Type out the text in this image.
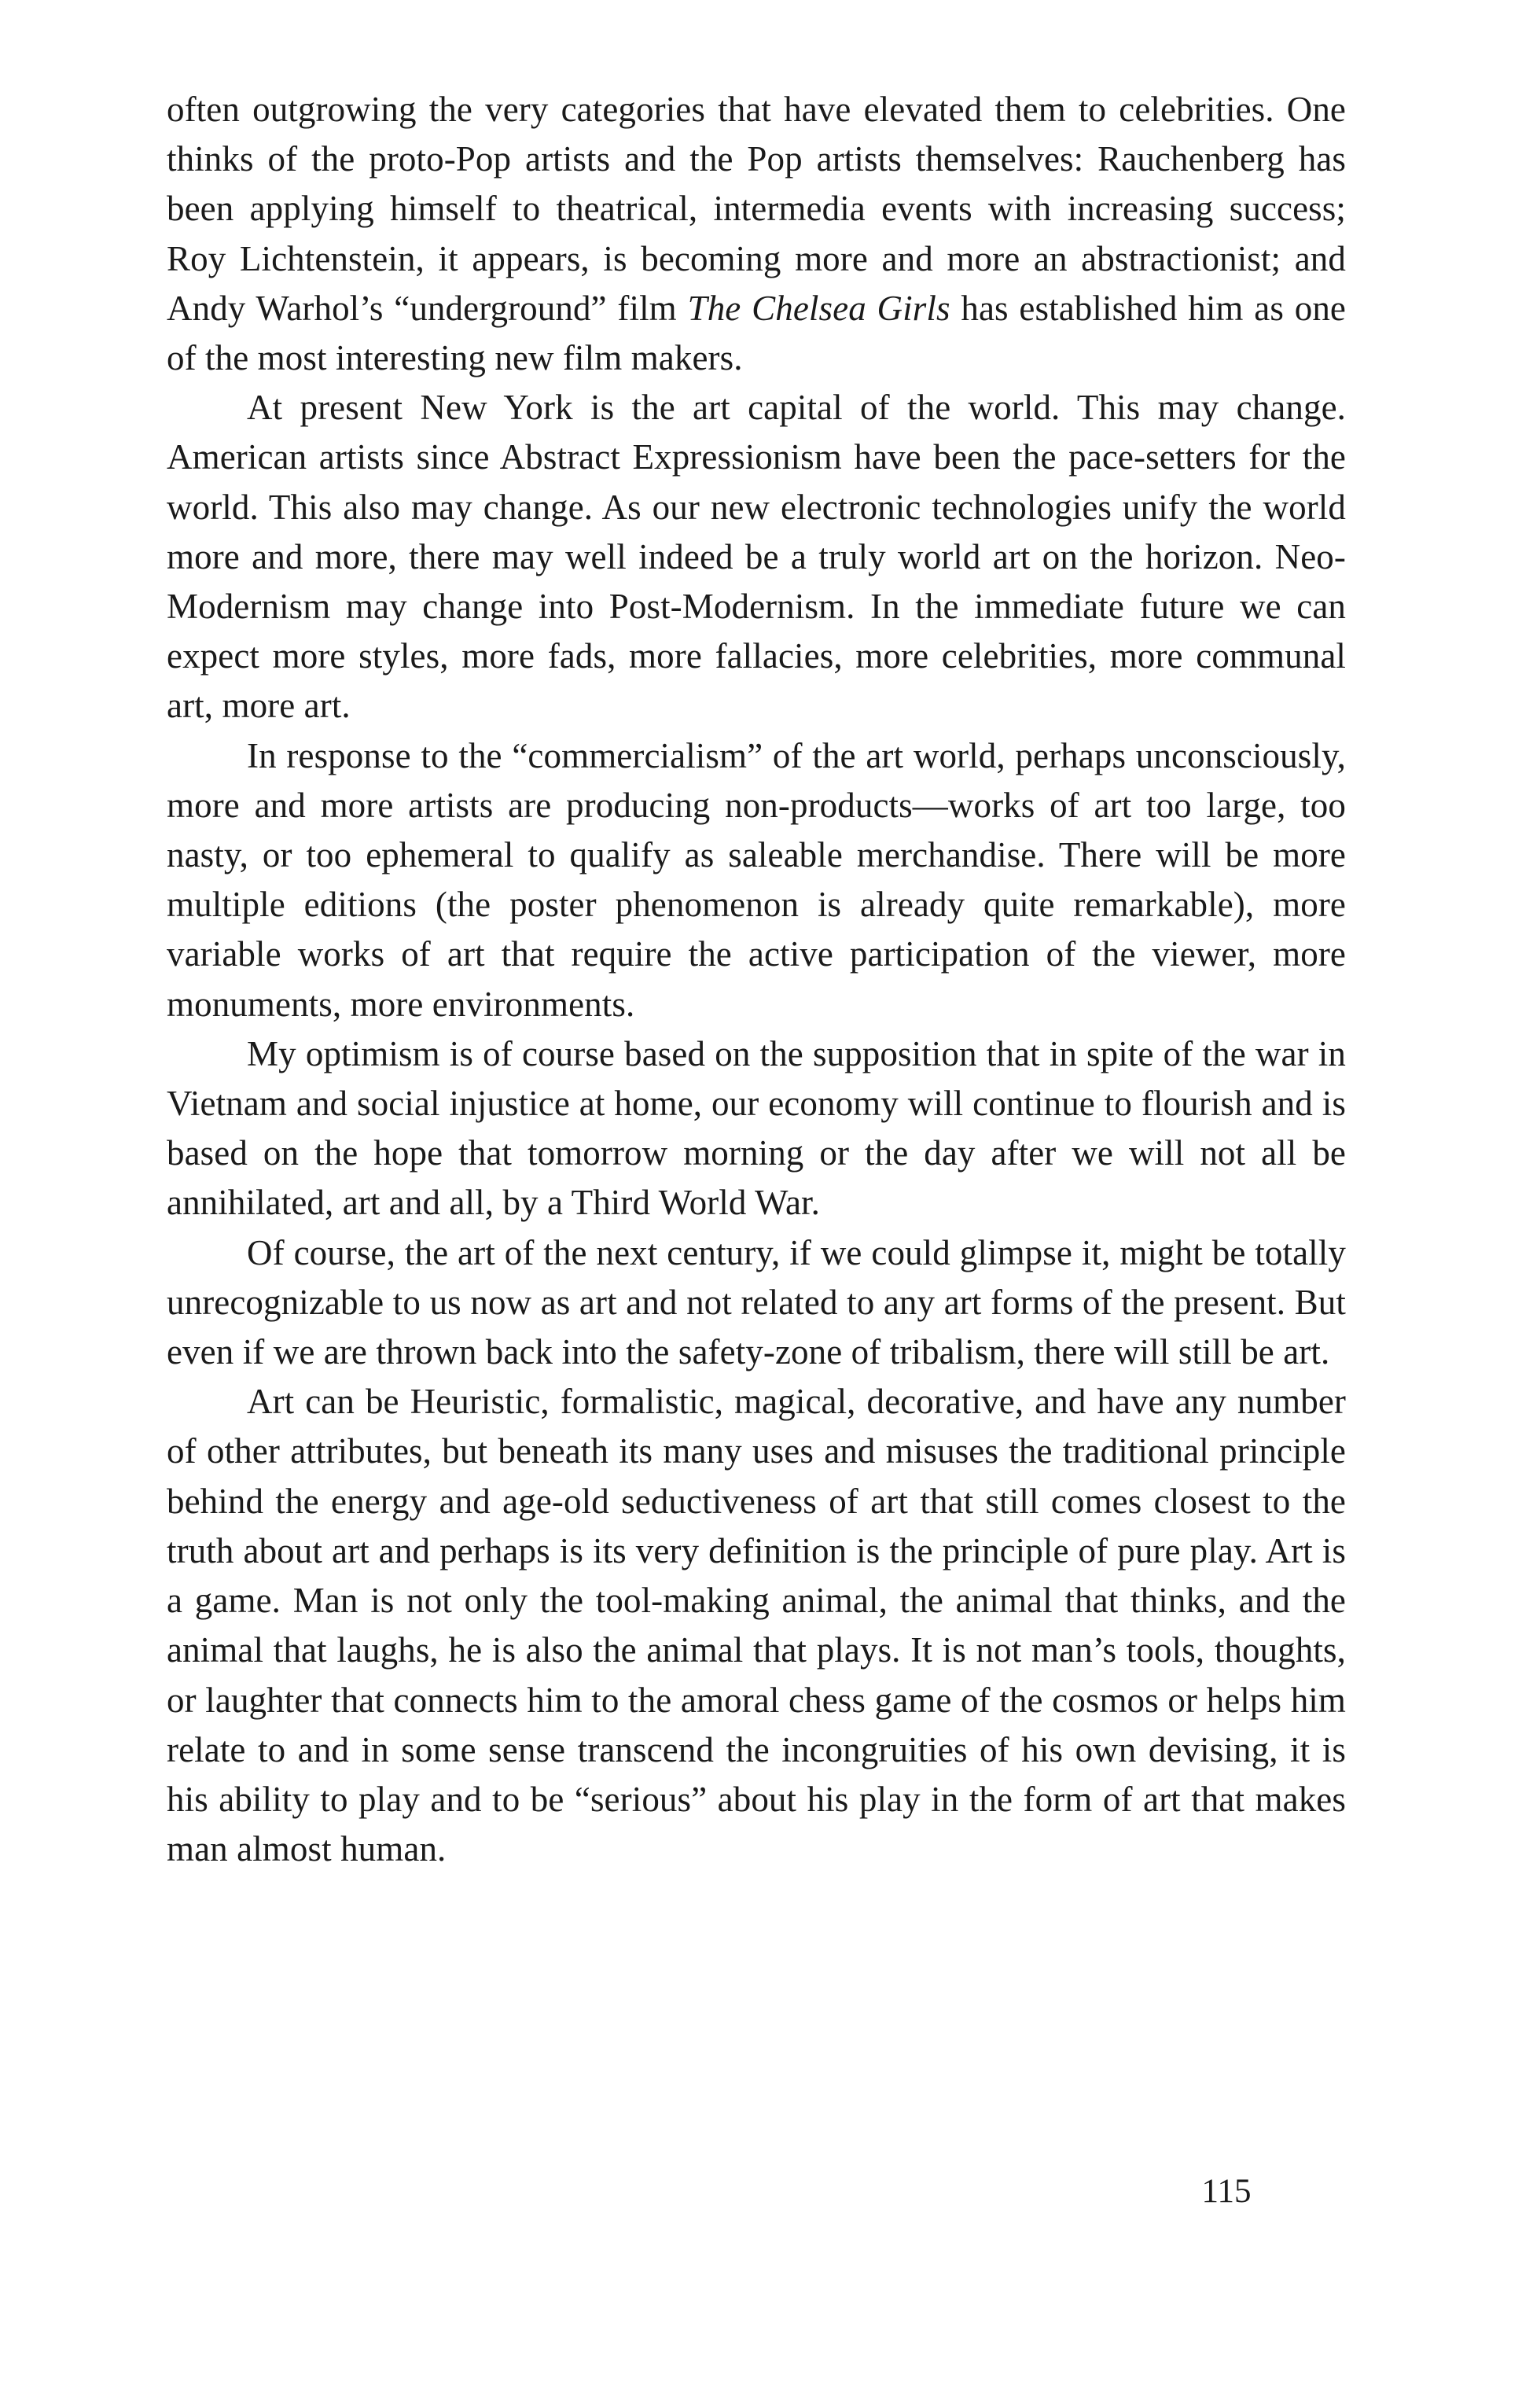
often outgrowing the very categories that have elevated them to celebrities. One thinks of the proto-Pop artists and the Pop artists themselves: Rauchenberg has been applying himself to theatrical, intermedia events with increasing success; Roy Lichtenstein, it appears, is becoming more and more an abstractionist; and Andy Warhol’s “underground” film The Chelsea Girls has established him as one of the most interesting new film makers.

At present New York is the art capital of the world. This may change. American artists since Abstract Expressionism have been the pace-setters for the world. This also may change. As our new electronic technologies unify the world more and more, there may well indeed be a truly world art on the horizon. Neo-Modernism may change into Post-Modernism. In the immediate future we can expect more styles, more fads, more fallacies, more celebrities, more communal art, more art.

In response to the “commercialism” of the art world, perhaps unconsciously, more and more artists are producing non-products—works of art too large, too nasty, or too ephemeral to qualify as saleable merchandise. There will be more multiple editions (the poster phenomenon is already quite remarkable), more variable works of art that require the active participation of the viewer, more monuments, more environments.

My optimism is of course based on the supposition that in spite of the war in Vietnam and social injustice at home, our economy will continue to flourish and is based on the hope that tomorrow morning or the day after we will not all be annihilated, art and all, by a Third World War.

Of course, the art of the next century, if we could glimpse it, might be totally unrecognizable to us now as art and not related to any art forms of the present. But even if we are thrown back into the safety-zone of tribalism, there will still be art.

Art can be Heuristic, formalistic, magical, decorative, and have any number of other attributes, but beneath its many uses and misuses the traditional principle behind the energy and age-old seductiveness of art that still comes closest to the truth about art and perhaps is its very definition is the principle of pure play. Art is a game. Man is not only the tool-making animal, the animal that thinks, and the animal that laughs, he is also the animal that plays. It is not man’s tools, thoughts, or laughter that connects him to the amoral chess game of the cosmos or helps him relate to and in some sense transcend the incongruities of his own devising, it is his ability to play and to be “serious” about his play in the form of art that makes man almost human.

115
